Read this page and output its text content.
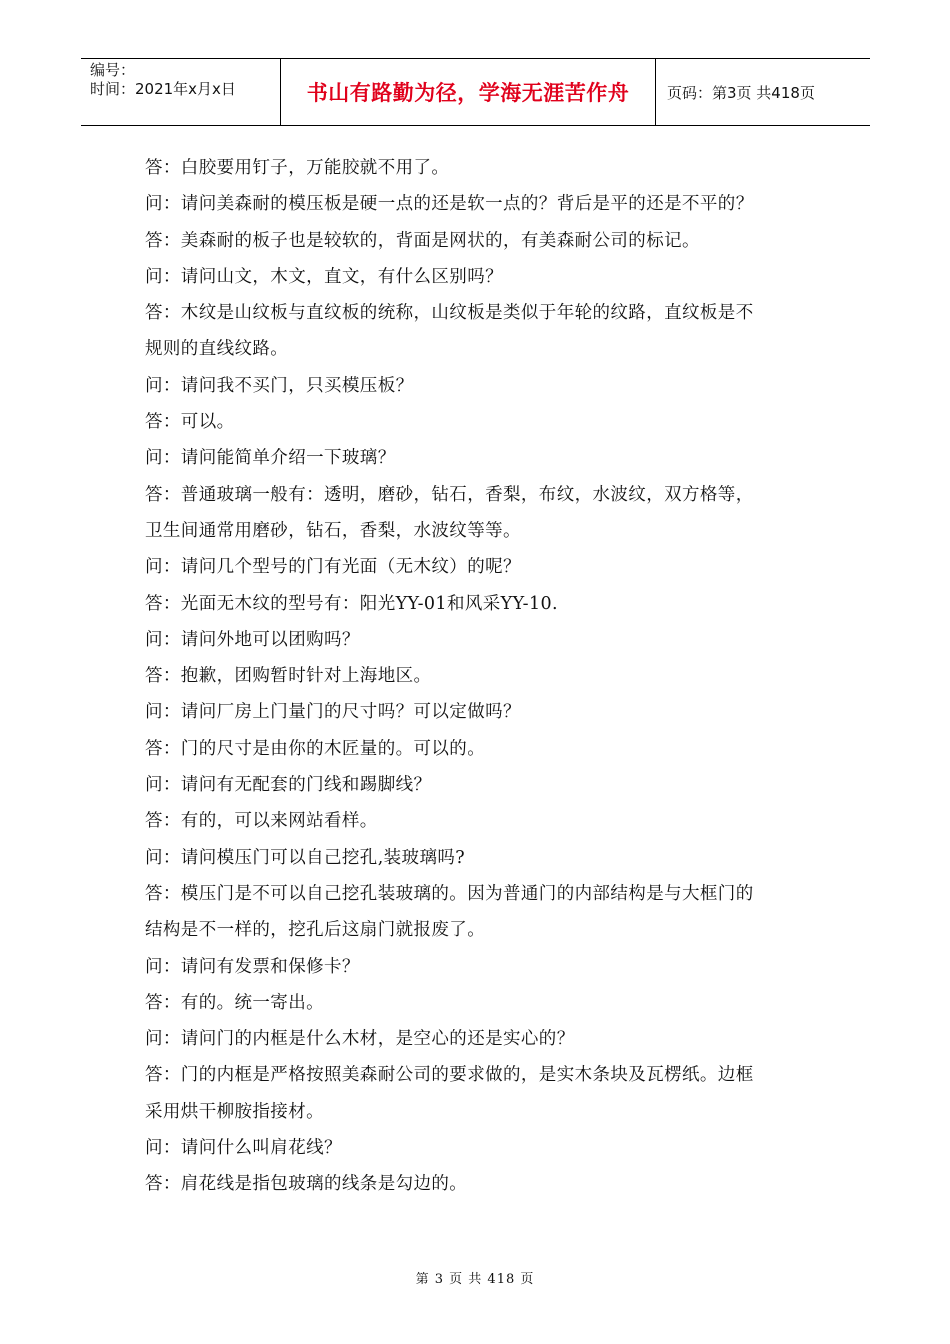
编号：
时间：2021年x月x日	书山有路勤为径，学海无涯苦作舟	页码：第3页 共418页

答：白胶要用钉子，万能胶就不用了。

问：请问美森耐的模压板是硬一点的还是软一点的？背后是平的还是不平的？

答：美森耐的板子也是较软的，背面是网状的，有美森耐公司的标记。

问：请问山文，木文，直文，有什么区别吗？

答：木纹是山纹板与直纹板的统称，山纹板是类似于年轮的纹路，直纹板是不

规则的直线纹路。

问：请问我不买门，只买模压板？

答：可以。

问：请问能简单介绍一下玻璃？

答：普通玻璃一般有：透明，磨砂，钻石，香梨，布纹，水波纹，双方格等，

卫生间通常用磨砂，钻石，香梨，水波纹等等。

问：请问几个型号的门有光面（无木纹）的呢？

答：光面无木纹的型号有：阳光YY-01和风采YY-10.

问：请问外地可以团购吗？

答：抱歉，团购暂时针对上海地区。

问：请问厂房上门量门的尺寸吗？可以定做吗？

答：门的尺寸是由你的木匠量的。可以的。

问：请问有无配套的门线和踢脚线？

答：有的，可以来网站看样。

问：请问模压门可以自己挖孔,装玻璃吗?

答：模压门是不可以自己挖孔装玻璃的。因为普通门的内部结构是与大框门的

结构是不一样的，挖孔后这扇门就报废了。

问：请问有发票和保修卡？

答：有的。统一寄出。

问：请问门的内框是什么木材，是空心的还是实心的？

答：门的内框是严格按照美森耐公司的要求做的，是实木条块及瓦楞纸。边框

采用烘干柳胺指接材。

问：请问什么叫肩花线？

答：肩花线是指包玻璃的线条是勾边的。

第 3 页 共 418 页
